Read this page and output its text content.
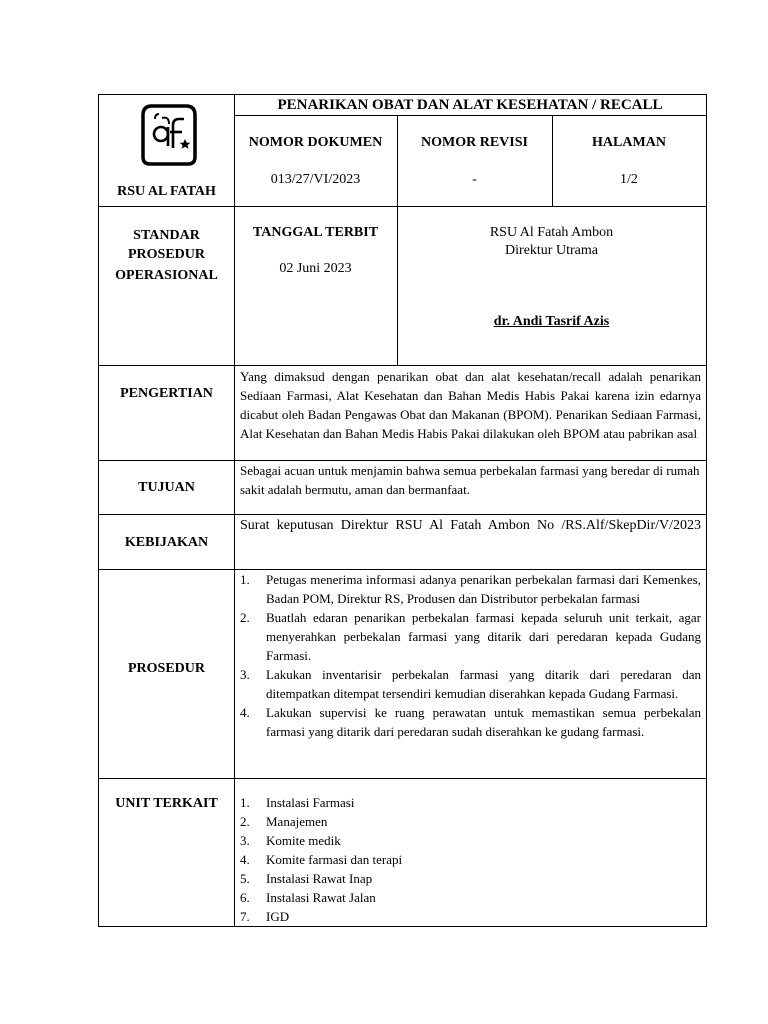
RSU AL FATAH
PENARIKAN OBAT DAN ALAT KESEHATAN / RECALL
NOMOR DOKUMEN
013/27/VI/2023
NOMOR REVISI
-
HALAMAN
1/2
STANDAR
PROSEDUR
OPERASIONAL
TANGGAL TERBIT
02 Juni 2023
RSU Al Fatah Ambon
Direktur Utrama
dr. Andi Tasrif Azis
PENGERTIAN
Yang dimaksud dengan penarikan obat dan alat kesehatan/recall adalah penarikan Sediaan Farmasi, Alat Kesehatan dan Bahan Medis Habis Pakai karena izin edarnya dicabut oleh Badan Pengawas Obat dan Makanan (BPOM). Penarikan Sediaan Farmasi, Alat Kesehatan dan Bahan Medis Habis Pakai dilakukan oleh BPOM atau pabrikan asal
TUJUAN
Sebagai acuan untuk menjamin bahwa semua perbekalan farmasi yang beredar di rumah sakit adalah bermutu, aman dan bermanfaat.
KEBIJAKAN
Surat keputusan Direktur RSU Al Fatah Ambon No /RS.Alf/SkepDir/V/2023
PROSEDUR
1. Petugas menerima informasi adanya penarikan perbekalan farmasi dari Kemenkes, Badan POM, Direktur RS, Produsen dan Distributor perbekalan farmasi
2. Buatlah edaran penarikan perbekalan farmasi kepada seluruh unit terkait, agar menyerahkan perbekalan farmasi yang ditarik dari peredaran kepada Gudang Farmasi.
3. Lakukan inventarisir perbekalan farmasi yang ditarik dari peredaran dan ditempatkan ditempat tersendiri kemudian diserahkan kepada Gudang Farmasi.
4. Lakukan supervisi ke ruang perawatan untuk memastikan semua perbekalan farmasi yang ditarik dari peredaran sudah diserahkan ke gudang farmasi.
UNIT TERKAIT	1. Instalasi Farmasi
2. Manajemen
3. Komite medik
4. Komite farmasi dan terapi
5. Instalasi Rawat Inap
6. Instalasi Rawat Jalan
7. IGD
